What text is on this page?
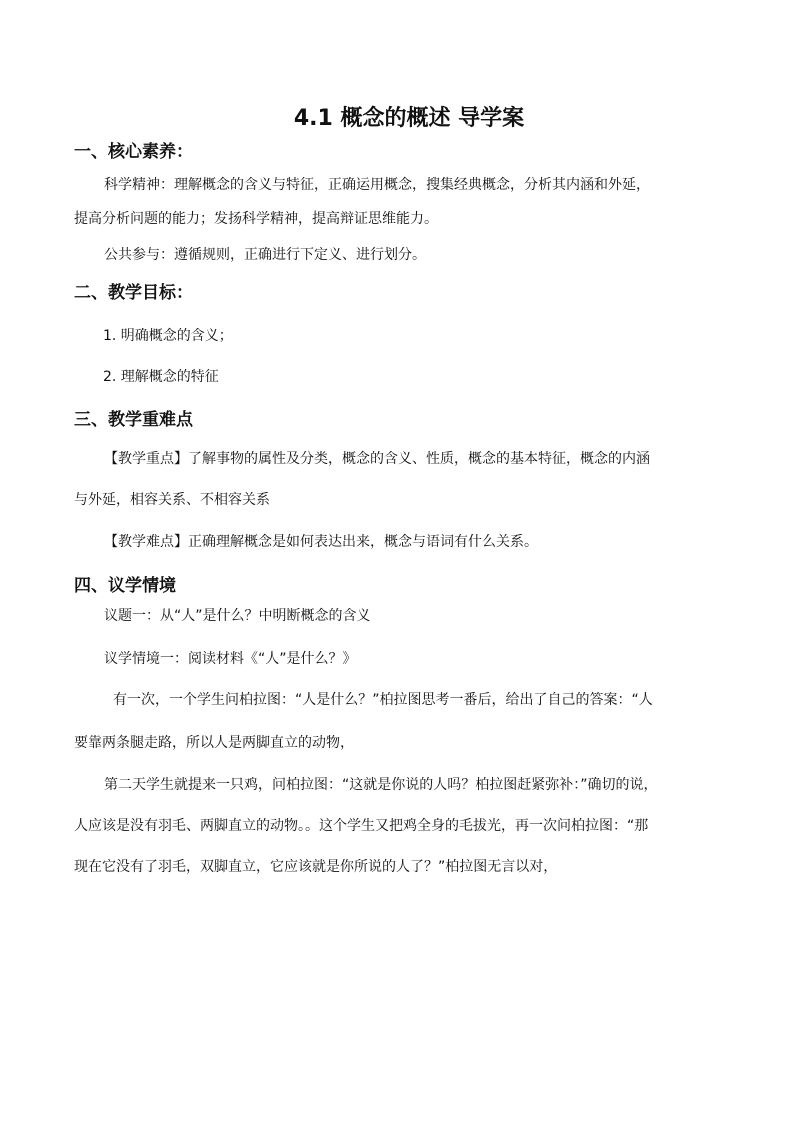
4.1 概念的概述 导学案
一、核心素养：
科学精神：理解概念的含义与特征，正确运用概念，搜集经典概念，分析其内涵和外延，
提高分析问题的能力；发扬科学精神，提高辩证思维能力。
公共参与：遵循规则，正确进行下定义、进行划分。
二、教学目标：
1. 明确概念的含义；
2. 理解概念的特征
三、教学重难点
【教学重点】了解事物的属性及分类，概念的含义、性质，概念的基本特征，概念的内涵
与外延，相容关系、不相容关系
【教学难点】正确理解概念是如何表达出来，概念与语词有什么关系。
四、议学情境
议题一：从“人”是什么？中明断概念的含义
议学情境一：阅读材料《“人”是什么？》
有一次，一个学生问柏拉图：“人是什么？”柏拉图思考一番后，给出了自己的答案：“人
要靠两条腿走路，所以人是两脚直立的动物，
第二天学生就提来一只鸡，问柏拉图：“这就是你说的人吗？柏拉图赶紧弥补：”确切的说，
人应该是没有羽毛、两脚直立的动物。。这个学生又把鸡全身的毛拔光，再一次问柏拉图：“那
现在它没有了羽毛，双脚直立，它应该就是你所说的人了？”柏拉图无言以对，
